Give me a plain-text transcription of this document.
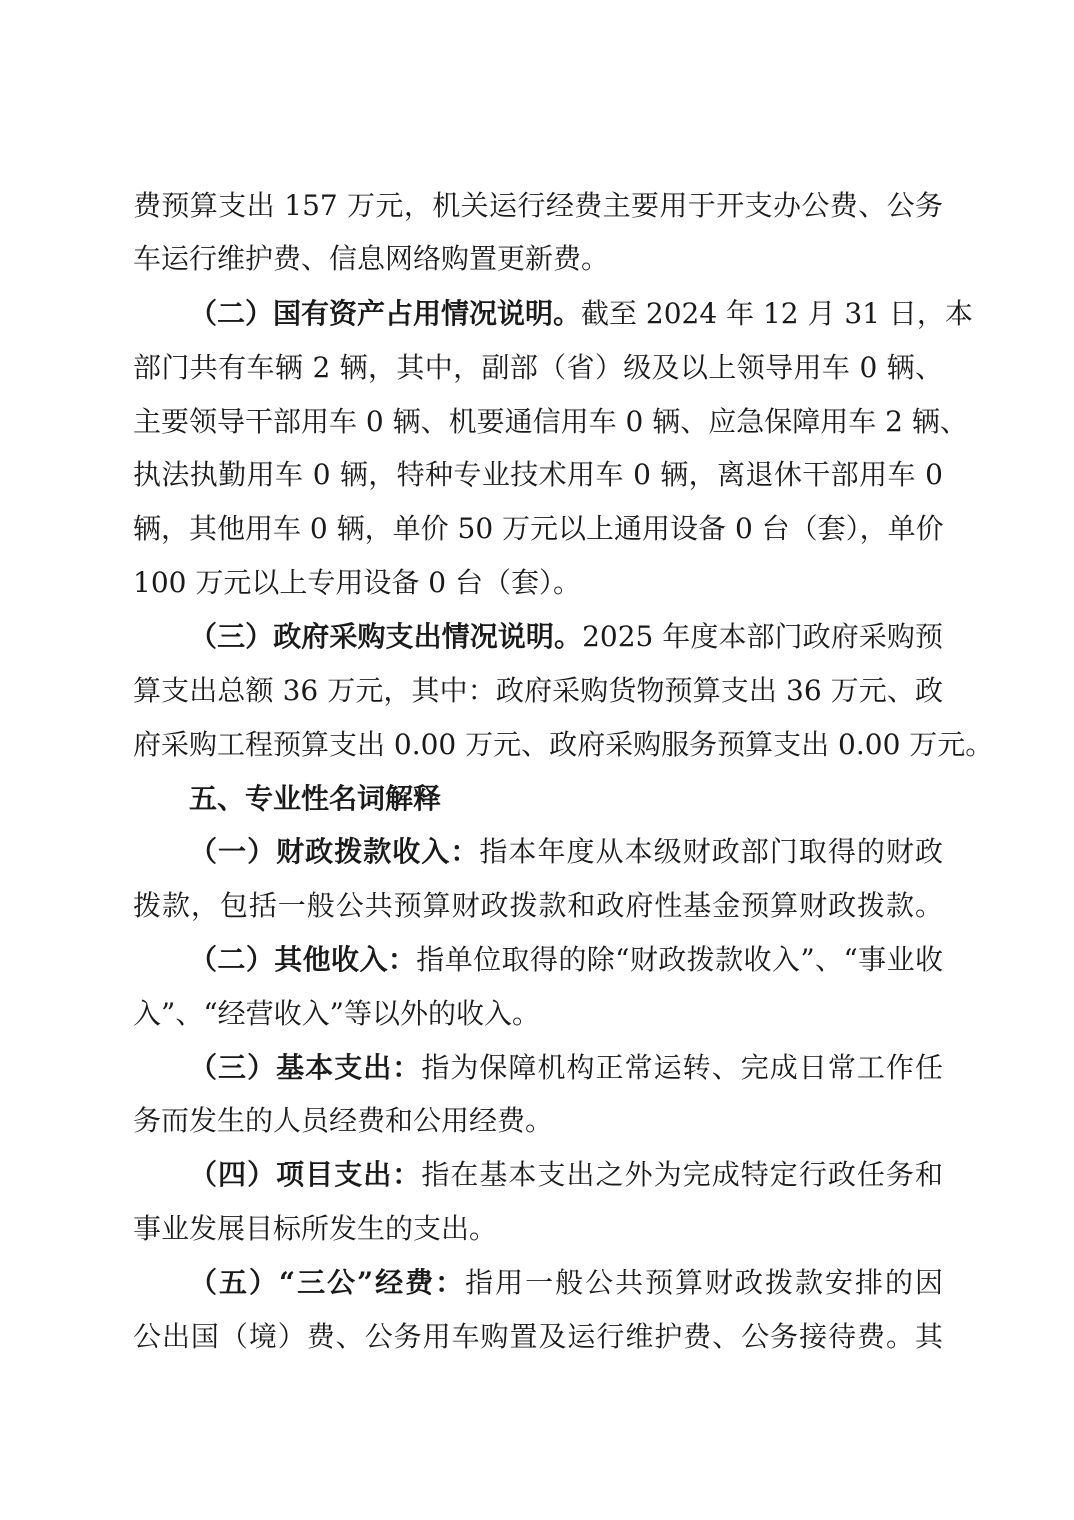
费预算支出 157 万元，机关运行经费主要用于开支办公费、公务
车运行维护费、信息网络购置更新费。
（二）国有资产占用情况说明。截至 2024 年 12 月 31 日，本
部门共有车辆 2 辆，其中，副部（省）级及以上领导用车 0 辆、
主要领导干部用车 0 辆、机要通信用车 0 辆、应急保障用车 2 辆、
执法执勤用车 0 辆，特种专业技术用车 0 辆，离退休干部用车 0
辆，其他用车 0 辆，单价 50 万元以上通用设备 0 台（套），单价
100 万元以上专用设备 0 台（套）。
（三）政府采购支出情况说明。2025 年度本部门政府采购预
算支出总额 36 万元，其中：政府采购货物预算支出 36 万元、政
府采购工程预算支出 0.00 万元、政府采购服务预算支出 0.00 万元。
五、专业性名词解释
（一）财政拨款收入：指本年度从本级财政部门取得的财政
拨款，包括一般公共预算财政拨款和政府性基金预算财政拨款。
（二）其他收入：指单位取得的除“财政拨款收入”、“事业收
入”、“经营收入”等以外的收入。
（三）基本支出：指为保障机构正常运转、完成日常工作任
务而发生的人员经费和公用经费。
（四）项目支出：指在基本支出之外为完成特定行政任务和
事业发展目标所发生的支出。
（五）“三公”经费：指用一般公共预算财政拨款安排的因
公出国（境）费、公务用车购置及运行维护费、公务接待费。其
